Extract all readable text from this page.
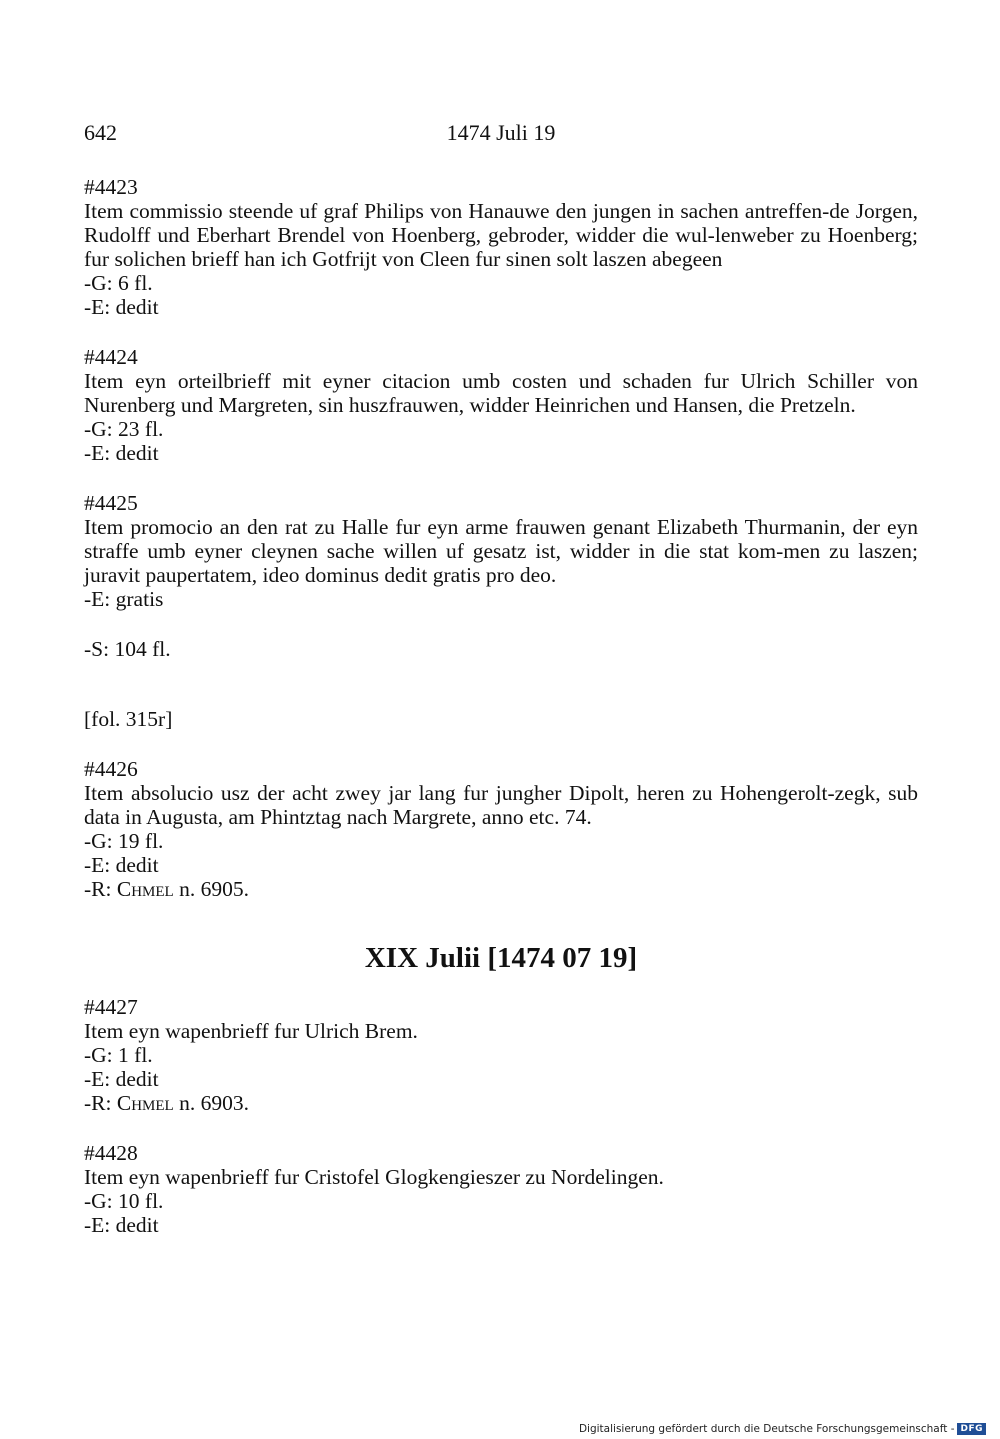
642	1474 Juli 19
#4423
Item commissio steende uf graf Philips von Hanauwe den jungen in sachen antreffen-de Jorgen, Rudolff und Eberhart Brendel von Hoenberg, gebroder, widder die wul-lenweber zu Hoenberg; fur solichen brieff han ich Gotfrijt von Cleen fur sinen solt laszen abegeen
-G: 6 fl.
-E: dedit
#4424
Item eyn orteilbrieff mit eyner citacion umb costen und schaden fur Ulrich Schiller von Nurenberg und Margreten, sin huszfrauwen, widder Heinrichen und Hansen, die Pretzeln.
-G: 23 fl.
-E: dedit
#4425
Item promocio an den rat zu Halle fur eyn arme frauwen genant Elizabeth Thurmanin, der eyn straffe umb eyner cleynen sache willen uf gesatz ist, widder in die stat kom-men zu laszen; juravit paupertatem, ideo dominus dedit gratis pro deo.
-E: gratis
-S: 104 fl.
[fol. 315r]
#4426
Item absolucio usz der acht zwey jar lang fur jungher Dipolt, heren zu Hohengerolt-zegk, sub data in Augusta, am Phintztag nach Margrete, anno etc. 74.
-G: 19 fl.
-E: dedit
-R: Chmel n. 6905.
XIX Julii [1474 07 19]
#4427
Item eyn wapenbrieff fur Ulrich Brem.
-G: 1 fl.
-E: dedit
-R: Chmel n. 6903.
#4428
Item eyn wapenbrieff fur Cristofel Glogkengieszer zu Nordelingen.
-G: 10 fl.
-E: dedit
Digitalisierung gefördert durch die Deutsche Forschungsgemeinschaft - DFG
